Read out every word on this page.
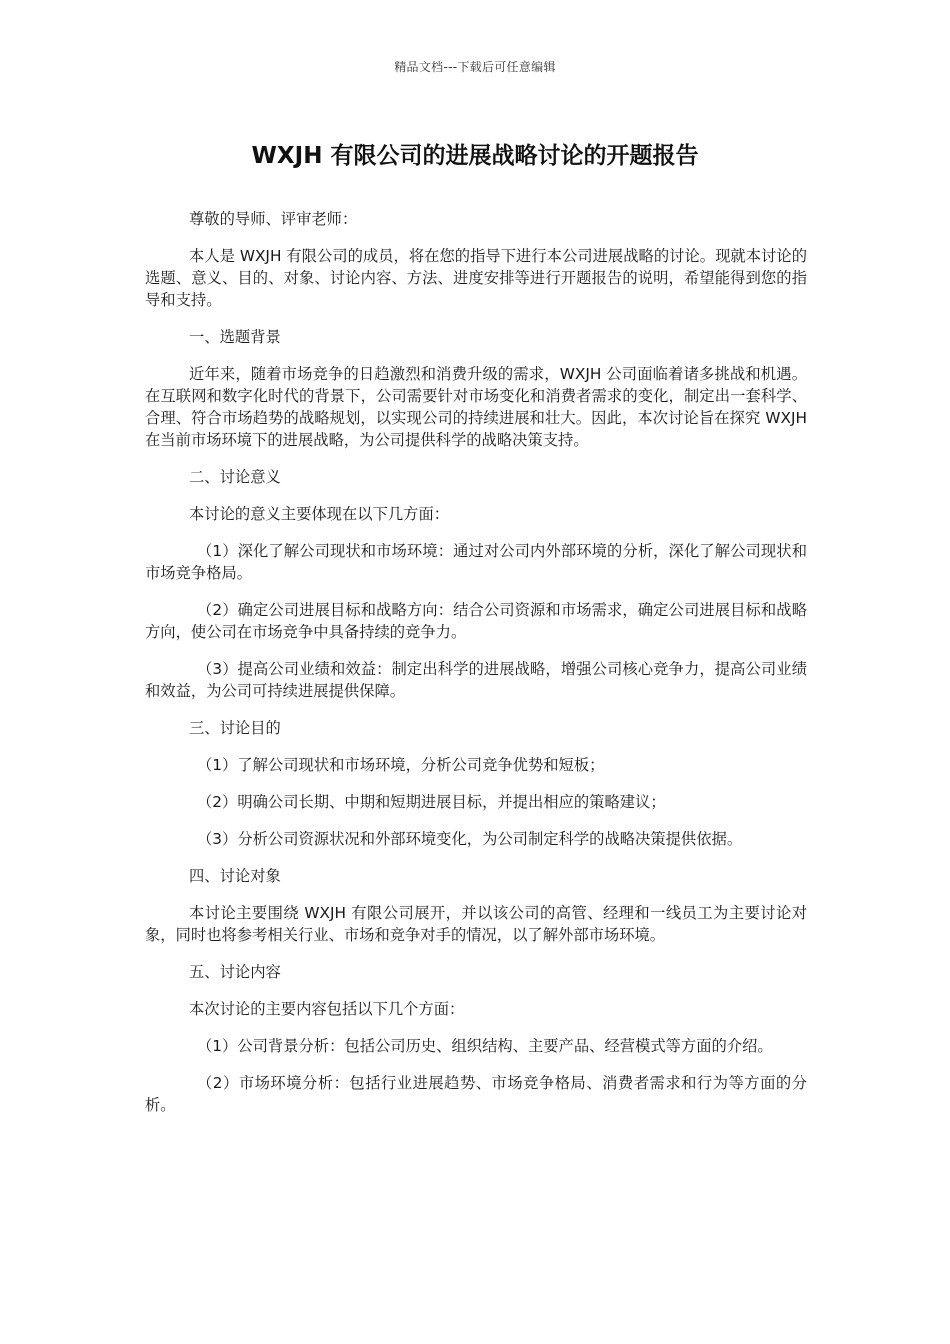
精品文档---下载后可任意编辑
WXJH 有限公司的进展战略讨论的开题报告

尊敬的导师、评审老师：

本人是 WXJH 有限公司的成员，将在您的指导下进行本公司进展战略的讨论。现就本讨论的选题、意义、目的、对象、讨论内容、方法、进度安排等进行开题报告的说明，希望能得到您的指导和支持。

一、选题背景

近年来，随着市场竞争的日趋激烈和消费升级的需求，WXJH 公司面临着诸多挑战和机遇。在互联网和数字化时代的背景下，公司需要针对市场变化和消费者需求的变化，制定出一套科学、合理、符合市场趋势的战略规划，以实现公司的持续进展和壮大。因此，本次讨论旨在探究 WXJH 在当前市场环境下的进展战略，为公司提供科学的战略决策支持。

二、讨论意义

本讨论的意义主要体现在以下几方面：

（1）深化了解公司现状和市场环境：通过对公司内外部环境的分析，深化了解公司现状和市场竞争格局。

（2）确定公司进展目标和战略方向：结合公司资源和市场需求，确定公司进展目标和战略方向，使公司在市场竞争中具备持续的竞争力。

（3）提高公司业绩和效益：制定出科学的进展战略，增强公司核心竞争力，提高公司业绩和效益，为公司可持续进展提供保障。

三、讨论目的

（1）了解公司现状和市场环境，分析公司竞争优势和短板；

（2）明确公司长期、中期和短期进展目标，并提出相应的策略建议；

（3）分析公司资源状况和外部环境变化，为公司制定科学的战略决策提供依据。

四、讨论对象

本讨论主要围绕 WXJH 有限公司展开，并以该公司的高管、经理和一线员工为主要讨论对象，同时也将参考相关行业、市场和竞争对手的情况，以了解外部市场环境。

五、讨论内容

本次讨论的主要内容包括以下几个方面：

（1）公司背景分析：包括公司历史、组织结构、主要产品、经营模式等方面的介绍。

（2）市场环境分析：包括行业进展趋势、市场竞争格局、消费者需求和行为等方面的分析。
